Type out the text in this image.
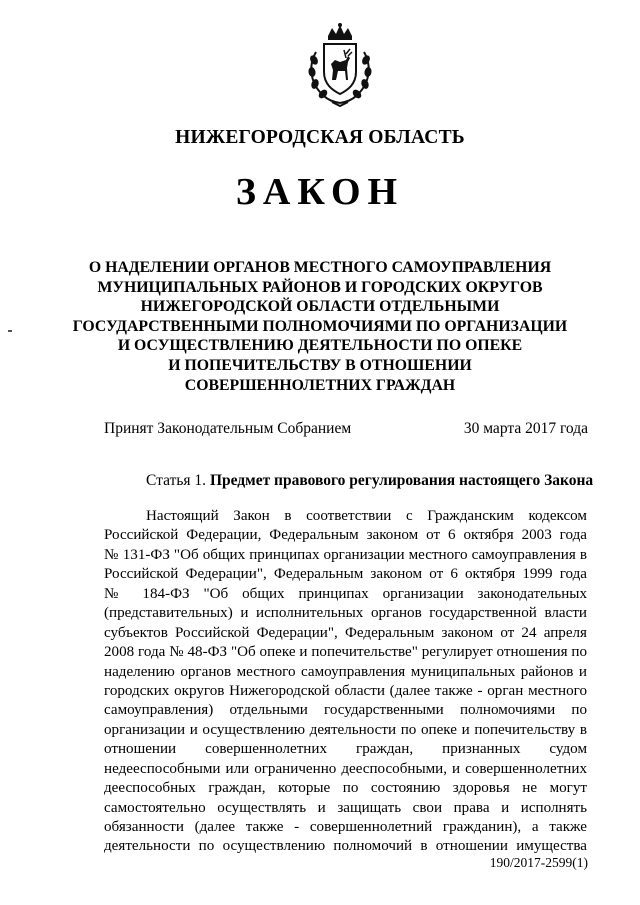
НИЖЕГОРОДСКАЯ ОБЛАСТЬ
ЗАКОН
О НАДЕЛЕНИИ ОРГАНОВ МЕСТНОГО САМОУПРАВЛЕНИЯ
МУНИЦИПАЛЬНЫХ РАЙОНОВ И ГОРОДСКИХ ОКРУГОВ
НИЖЕГОРОДСКОЙ ОБЛАСТИ ОТДЕЛЬНЫМИ
ГОСУДАРСТВЕННЫМИ ПОЛНОМОЧИЯМИ ПО ОРГАНИЗАЦИИ
И ОСУЩЕСТВЛЕНИЮ ДЕЯТЕЛЬНОСТИ ПО ОПЕКЕ
И ПОПЕЧИТЕЛЬСТВУ В ОТНОШЕНИИ
СОВЕРШЕННОЛЕТНИХ ГРАЖДАН
Принят Законодательным Собранием	30 марта 2017 года
Статья 1. Предмет правового регулирования настоящего Закона
Настоящий Закон в соответствии с Гражданским кодексом
Российской Федерации, Федеральным законом от 6 октября 2003 года
№ 131-ФЗ "Об общих принципах организации местного самоуправления в
Российской Федерации", Федеральным законом от 6 октября 1999 года
№ 184-ФЗ "Об общих принципах организации законодательных
(представительных) и исполнительных органов государственной власти
субъектов Российской Федерации", Федеральным законом от 24 апреля
2008 года № 48-ФЗ "Об опеке и попечительстве" регулирует отношения по
наделению органов местного самоуправления муниципальных районов и
городских округов Нижегородской области (далее также - орган местного
самоуправления) отдельными государственными полномочиями по
организации и осуществлению деятельности по опеке и попечительству в
отношении совершеннолетних граждан, признанных судом
недееспособными или ограниченно дееспособными, и совершеннолетних
дееспособных граждан, которые по состоянию здоровья не могут
самостоятельно осуществлять и защищать свои права и исполнять
обязанности (далее также - совершеннолетний гражданин), а также
деятельности по осуществлению полномочий в отношении имущества
190/2017-2599(1)
